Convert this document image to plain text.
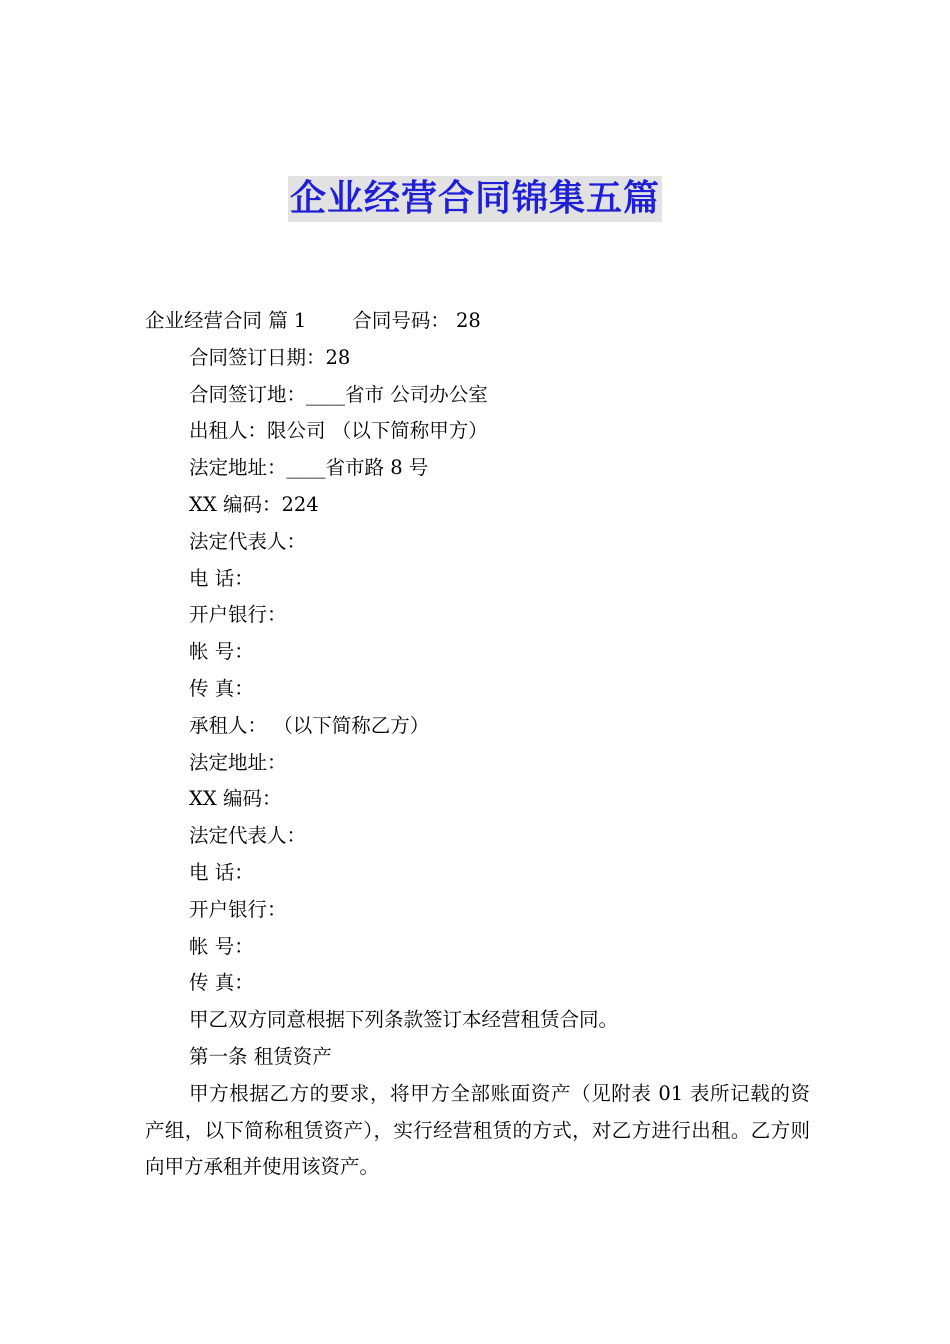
企业经营合同锦集五篇
企业经营合同 篇 1 合同号码： 28
合同签订日期：28
合同签订地：____省市 公司办公室
出租人：限公司 （以下简称甲方）
法定地址：____省市路 8 号
XX 编码：224
法定代表人：
电 话：
开户银行：
帐 号：
传 真：
承租人： （以下简称乙方）
法定地址：
XX 编码：
法定代表人：
电 话：
开户银行：
帐 号：
传 真：
甲乙双方同意根据下列条款签订本经营租赁合同。
第一条 租赁资产
甲方根据乙方的要求，将甲方全部账面资产（见附表 01 表所记载的资产组，以下简称租赁资产），实行经营租赁的方式，对乙方进行出租。乙方则向甲方承租并使用该资产。
